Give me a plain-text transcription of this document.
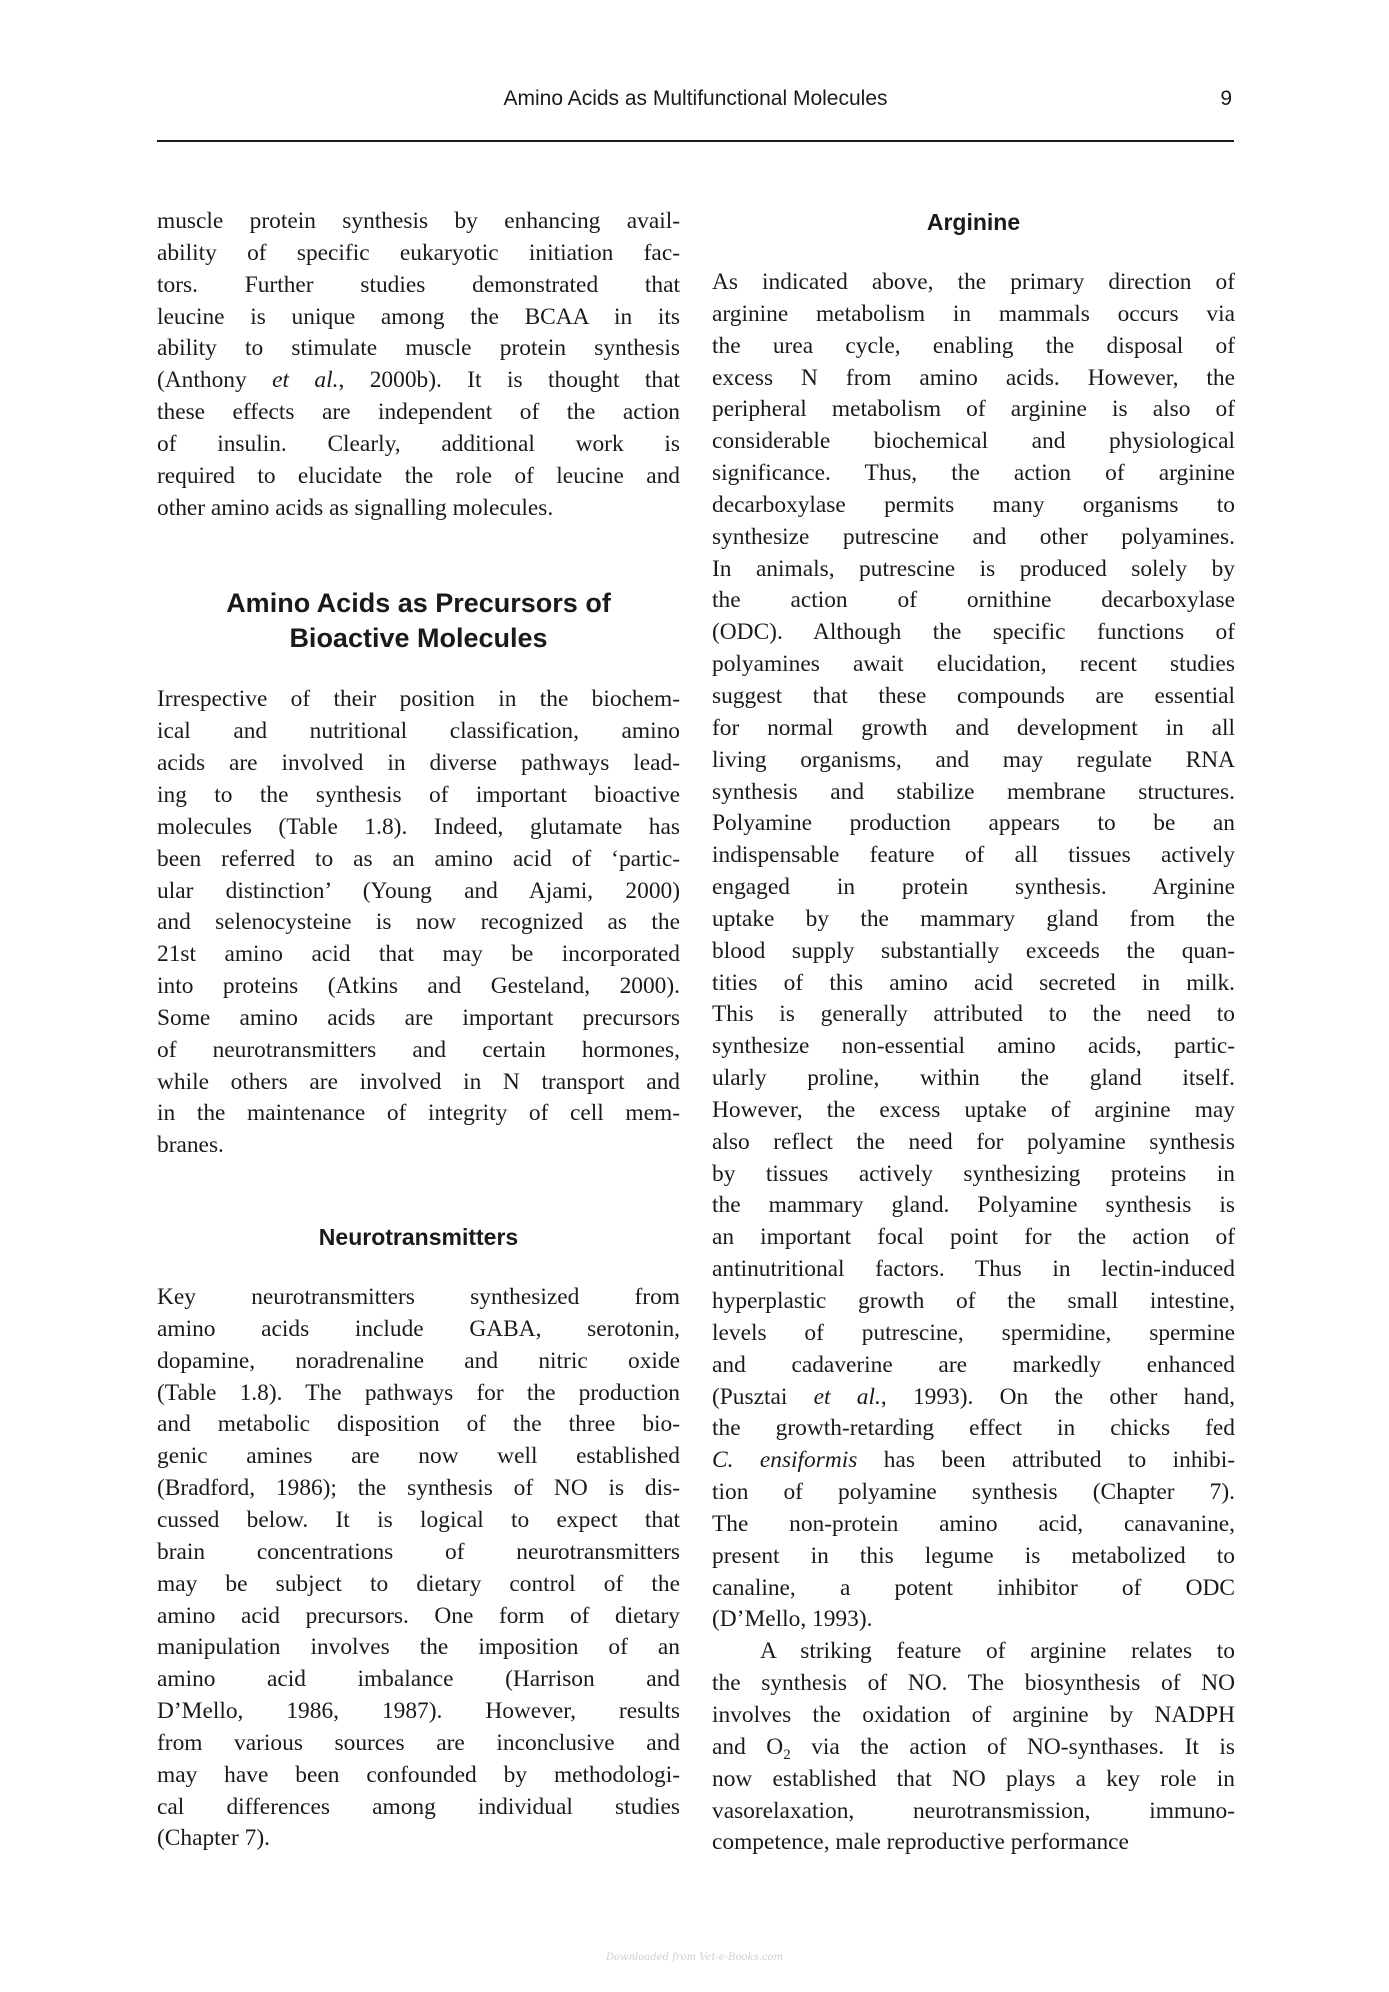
Amino Acids as Multifunctional Molecules	9

muscle protein synthesis by enhancing avail-
ability of specific eukaryotic initiation fac-
tors. Further studies demonstrated that
leucine is unique among the BCAA in its
ability to stimulate muscle protein synthesis
(Anthony et al., 2000b). It is thought that
these effects are independent of the action
of insulin. Clearly, additional work is
required to elucidate the role of leucine and
other amino acids as signalling molecules.

Amino Acids as Precursors of
Bioactive Molecules

Irrespective of their position in the biochem-
ical and nutritional classification, amino
acids are involved in diverse pathways lead-
ing to the synthesis of important bioactive
molecules (Table 1.8). Indeed, glutamate has
been referred to as an amino acid of ‘partic-
ular distinction’ (Young and Ajami, 2000)
and selenocysteine is now recognized as the
21st amino acid that may be incorporated
into proteins (Atkins and Gesteland, 2000).
Some amino acids are important precursors
of neurotransmitters and certain hormones,
while others are involved in N transport and
in the maintenance of integrity of cell mem-
branes.

Neurotransmitters

Key neurotransmitters synthesized from
amino acids include GABA, serotonin,
dopamine, noradrenaline and nitric oxide
(Table 1.8). The pathways for the production
and metabolic disposition of the three bio-
genic amines are now well established
(Bradford, 1986); the synthesis of NO is dis-
cussed below. It is logical to expect that
brain concentrations of neurotransmitters
may be subject to dietary control of the
amino acid precursors. One form of dietary
manipulation involves the imposition of an
amino acid imbalance (Harrison and
D’Mello, 1986, 1987). However, results
from various sources are inconclusive and
may have been confounded by methodologi-
cal differences among individual studies
(Chapter 7).

Arginine

As indicated above, the primary direction of
arginine metabolism in mammals occurs via
the urea cycle, enabling the disposal of
excess N from amino acids. However, the
peripheral metabolism of arginine is also of
considerable biochemical and physiological
significance. Thus, the action of arginine
decarboxylase permits many organisms to
synthesize putrescine and other polyamines.
In animals, putrescine is produced solely by
the action of ornithine decarboxylase
(ODC). Although the specific functions of
polyamines await elucidation, recent studies
suggest that these compounds are essential
for normal growth and development in all
living organisms, and may regulate RNA
synthesis and stabilize membrane structures.
Polyamine production appears to be an
indispensable feature of all tissues actively
engaged in protein synthesis. Arginine
uptake by the mammary gland from the
blood supply substantially exceeds the quan-
tities of this amino acid secreted in milk.
This is generally attributed to the need to
synthesize non-essential amino acids, partic-
ularly proline, within the gland itself.
However, the excess uptake of arginine may
also reflect the need for polyamine synthesis
by tissues actively synthesizing proteins in
the mammary gland. Polyamine synthesis is
an important focal point for the action of
antinutritional factors. Thus in lectin-induced
hyperplastic growth of the small intestine,
levels of putrescine, spermidine, spermine
and cadaverine are markedly enhanced
(Pusztai et al., 1993). On the other hand,
the growth-retarding effect in chicks fed
C. ensiformis has been attributed to inhibi-
tion of polyamine synthesis (Chapter 7).
The non-protein amino acid, canavanine,
present in this legume is metabolized to
canaline, a potent inhibitor of ODC
(D’Mello, 1993).

A striking feature of arginine relates to
the synthesis of NO. The biosynthesis of NO
involves the oxidation of arginine by NADPH
and $O_2$ via the action of NO-synthases. It is
now established that NO plays a key role in
vasorelaxation, neurotransmission, immuno-
competence, male reproductive performance

Downloaded from Vet-e-Books.com
